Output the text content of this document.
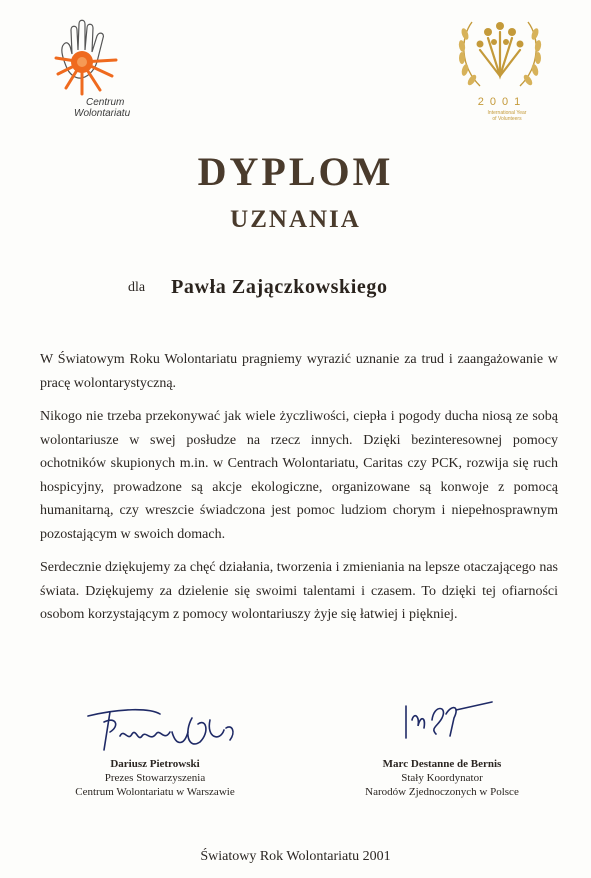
Centrum
Wolontariatu
2001
International Year
of Volunteers
DYPLOM
UZNANIA
dla Pawła Zajączkowskiego

W Światowym Roku Wolontariatu pragniemy wyrazić uznanie za trud i zaangażowanie w pracę wolontarystyczną.

Nikogo nie trzeba przekonywać jak wiele życzliwości, ciepła i pogody ducha niosą ze sobą wolontariusze w swej posłudze na rzecz innych. Dzięki bezinteresownej pomocy ochotników skupionych m.in. w Centrach Wolontariatu, Caritas czy PCK, rozwija się ruch hospicyjny, prowadzone są akcje ekologiczne, organizowane są konwoje z pomocą humanitarną, czy wreszcie świadczona jest pomoc ludziom chorym i niepełnosprawnym pozostającym w swoich domach.

Serdecznie dziękujemy za chęć działania, tworzenia i zmieniania na lepsze otaczającego nas świata. Dziękujemy za dzielenie się swoimi talentami i czasem. To dzięki tej ofiarności osobom korzystającym z pomocy wolontariuszy żyje się łatwiej i piękniej.

Dariusz Pietrowski
Prezes Stowarzyszenia
Centrum Wolontariatu w Warszawie
Marc Destanne de Bernis
Stały Koordynator
Narodów Zjednoczonych w Polsce
Światowy Rok Wolontariatu 2001
